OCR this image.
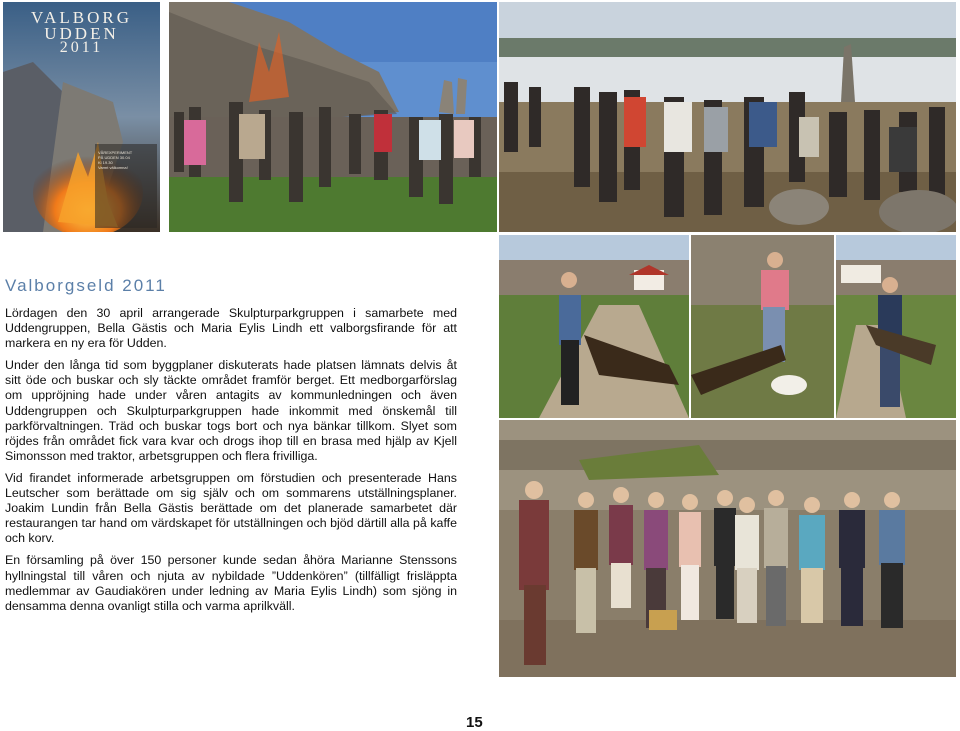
VALBORG
UDDEN
2011
VÅREXPERIMENT
PÅ UDDEN 30.04
Kl 19.30
Varmt välkomna!
Valborgseld 2011

Lördagen den 30 april arrangerade Skulpturparkgruppen i samarbete med Uddengruppen, Bella Gästis och Maria Eylis Lindh ett valborgsfirande för att markera en ny era för Udden.

Under den långa tid som byggplaner diskuterats hade platsen lämnats delvis åt sitt öde och buskar och sly täckte området framför berget. Ett medborgarförslag om uppröjning hade under våren antagits av kommunledningen och även Uddengruppen och Skulpturparkgruppen hade inkommit med önskemål till parkförvaltningen. Träd och buskar togs bort och nya bänkar tillkom. Slyet som röjdes från området fick vara kvar och drogs ihop till en brasa med hjälp av Kjell Simonsson med traktor, arbetsgruppen och flera frivilliga.

Vid firandet informerade arbetsgruppen om förstudien och presenterade Hans Leutscher som berättade om sig själv och om sommarens utställningsplaner. Joakim Lundin från Bella Gästis berättade om det planerade samarbetet där restaurangen tar hand om värdskapet för utställningen och bjöd därtill alla på kaffe och korv.

En församling på över 150 personer kunde sedan åhöra Marianne Stenssons hyllningstal till våren och njuta av nybildade ”Uddenkören” (tillfälligt frisläppta medlemmar av Gaudiakören under ledning av Maria Eylis Lindh) som sjöng in densamma denna ovanligt stilla och varma aprilkväll.

15
